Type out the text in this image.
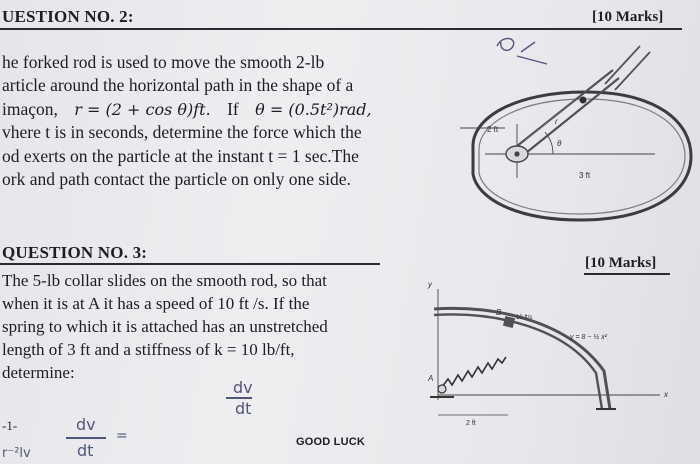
UESTION NO. 2:	[10 Marks]
he forked rod is used to move the smooth 2-lb
article around the horizontal path in the shape of a
imaçon, r = (2 + cos θ)ft. If θ = (0.5t²)rad,
vhere t is in seconds, determine the force which the
od exerts on the particle at the instant t = 1 sec.The
ork and path contact the particle on only one side.
2 ft
3 ft
θ
r
QUESTION NO. 3:
[10 Marks]
The 5-lb collar slides on the smooth rod, so that
when it is at A it has a speed of 10 ft /s. If the
spring to which it is attached has an unstretched
length of 3 ft and a stiffness of k = 10 lb/ft,
determine:
y
x
10 ft/s
y = 8 − ½ x²
A
B
2 ft
GOOD LUCK
dv
dt
-1-
r⁻²lv
dv
dt
=
